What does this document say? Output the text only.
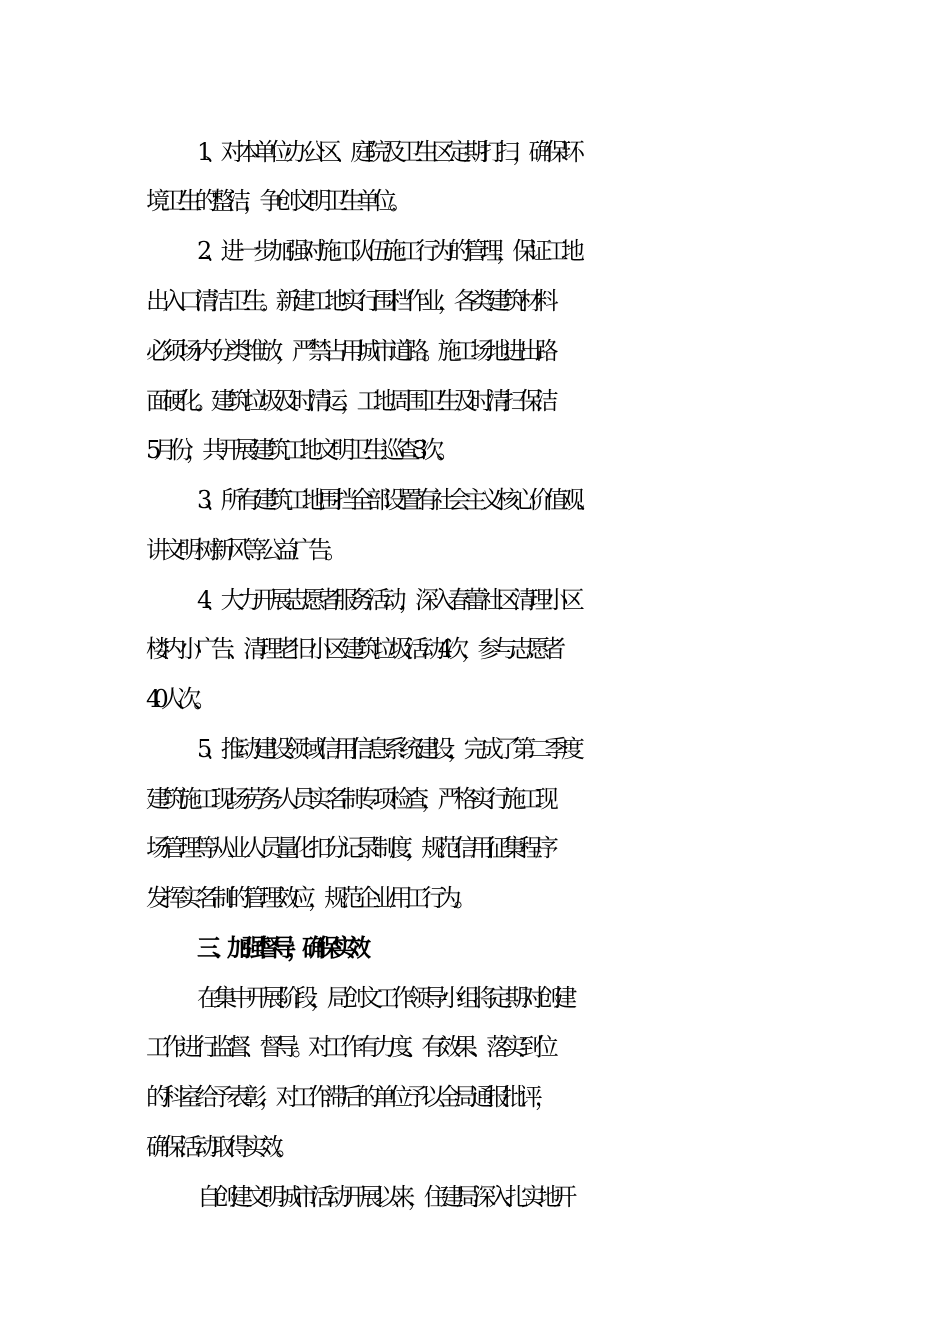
1、对本单位办公区、庭院及卫生区定期打扫，确保环
境卫生的整洁，争创文明卫生单位。
2、进一步加强对施工队伍施工行为的管理，保证工地
出入口清洁卫生。新建工地实行围档作业，各类建筑材料
必须场内分类堆放，严禁占用城市道路。施工场地进出路
面硬化。建筑垃圾及时清运，工地周围卫生及时清扫保洁
5月份，共开展建筑工地文明卫生巡查3次。
3、所有建筑工地围挡全部设置有社会主义核心价值观、
讲文明树新风等公益广告。
4、大力开展志愿者服务活动，深入春蕾社区清理小区
楼内小广告、清理老旧小区建筑垃圾活动4次，参与志愿者
40人次。
5、推动建设领域信用信息系统建设，完成了第二季度
建筑施工现场劳务人员实名制专项检查，严格实行施工现
场管理等从业人员量化扣分记录制度，规范信用征集程序
发挥实名制的管理效应，规范企业用工行为。
三、加强督导，确保实效
在集中开展阶段，局创文工作领导小组将定期对创建
工作进行监督、督导。对工作有力度、有效果、落实到位
的科室给予表彰，对工作滞后的单位予以全局通报批评，
确保活动取得实效。
自创建文明城市活动开展以来，住建局深入扎实地开
